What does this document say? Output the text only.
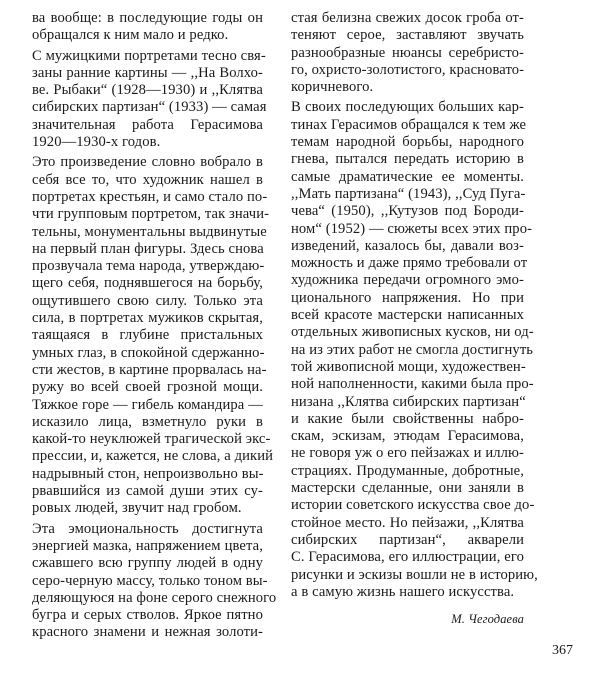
ва вообще: в последующие годы он
обращался к ним мало и редко.
С мужицкими портретами тесно свя-
заны ранние картины — ,,На Волхо-
ве. Рыбаки“ (1928—1930) и ,,Клятва
сибирских партизан“ (1933) — самая
значительная работа Герасимова
1920—1930-х годов.
Это произведение словно вобрало в
себя все то, что художник нашел в
портретах крестьян, и само стало по-
чти групповым портретом, так значи-
тельны, монументальны выдвинутые
на первый план фигуры. Здесь снова
прозвучала тема народа, утверждаю-
щего себя, поднявшегося на борьбу,
ощутившего свою силу. Только эта
сила, в портретах мужиков скрытая,
таящаяся в глубине пристальных
умных глаз, в спокойной сдержанно-
сти жестов, в картине прорвалась на-
ружу во всей своей грозной мощи.
Тяжкое горе — гибель командира —
исказило лица, взметнуло руки в
какой-то неуклюжей трагической экс-
прессии, и, кажется, не слова, а дикий
надрывный стон, непроизвольно вы-
рвавшийся из самой души этих су-
ровых людей, звучит над гробом.
Эта эмоциональность достигнута
энергией мазка, напряжением цвета,
сжавшего всю группу людей в одну
серо-черную массу, только тоном вы-
деляющуюся на фоне серого снежного
бугра и серых стволов. Яркое пятно
красного знамени и нежная золоти-
стая белизна свежих досок гроба от-
теняют серое, заставляют звучать
разнообразные нюансы серебристо-
го, охристо-золотистого, красновато-
коричневого.
В своих последующих больших кар-
тинах Герасимов обращался к тем же
темам народной борьбы, народного
гнева, пытался передать историю в
самые драматические ее моменты.
,,Мать партизана“ (1943), ,,Суд Пуга-
чева“ (1950), ,,Кутузов под Бороди-
ном“ (1952) — сюжеты всех этих про-
изведений, казалось бы, давали воз-
можность и даже прямо требовали от
художника передачи огромного эмо-
ционального напряжения. Но при
всей красоте мастерски написанных
отдельных живописных кусков, ни од-
на из этих работ не смогла достигнуть
той живописной мощи, художествен-
ной наполненности, какими была про-
низана ,,Клятва сибирских партизан“
и какие были свойственны набро-
скам, эскизам, этюдам Герасимова,
не говоря уж о его пейзажах и иллю-
страциях. Продуманные, добротные,
мастерски сделанные, они заняли в
истории советского искусства свое до-
стойное место. Но пейзажи, ,,Клятва
сибирских партизан“, акварели
С. Герасимова, его иллюстрации, его
рисунки и эскизы вошли не в историю,
а в самую жизнь нашего искусства.
М. Чегодаева
367
